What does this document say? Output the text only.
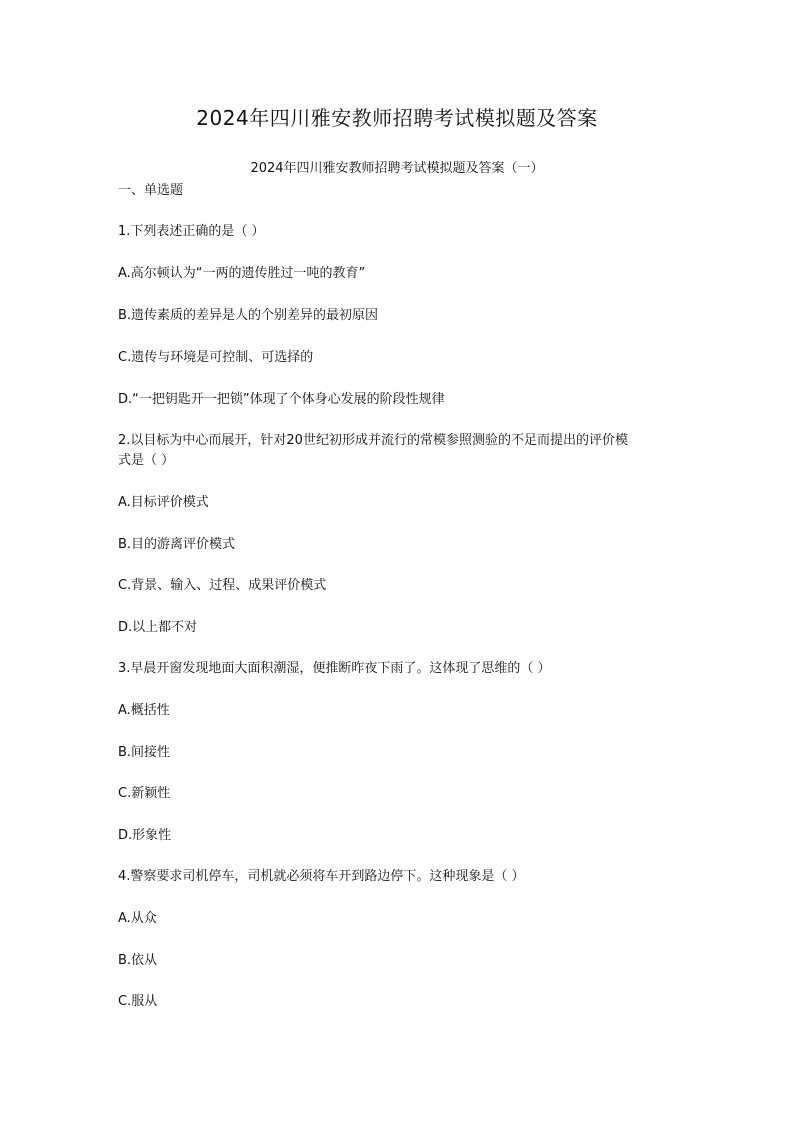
2024年四川雅安教师招聘考试模拟题及答案
2024年四川雅安教师招聘考试模拟题及答案（一）
一、单选题
1.下列表述正确的是（ ）
A.高尔顿认为“一两的遗传胜过一吨的教育”
B.遗传素质的差异是人的个别差异的最初原因
C.遗传与环境是可控制、可选择的
D.“一把钥匙开一把锁”体现了个体身心发展的阶段性规律
2.以目标为中心而展开，针对20世纪初形成并流行的常模参照测验的不足而提出的评价模
式是（ ）
A.目标评价模式
B.目的游离评价模式
C.背景、输入、过程、成果评价模式
D.以上都不对
3.早晨开窗发现地面大面积潮湿，便推断昨夜下雨了。这体现了思维的（ ）
A.概括性
B.间接性
C.新颖性
D.形象性
4.警察要求司机停车，司机就必须将车开到路边停下。这种现象是（ ）
A.从众
B.依从
C.服从
